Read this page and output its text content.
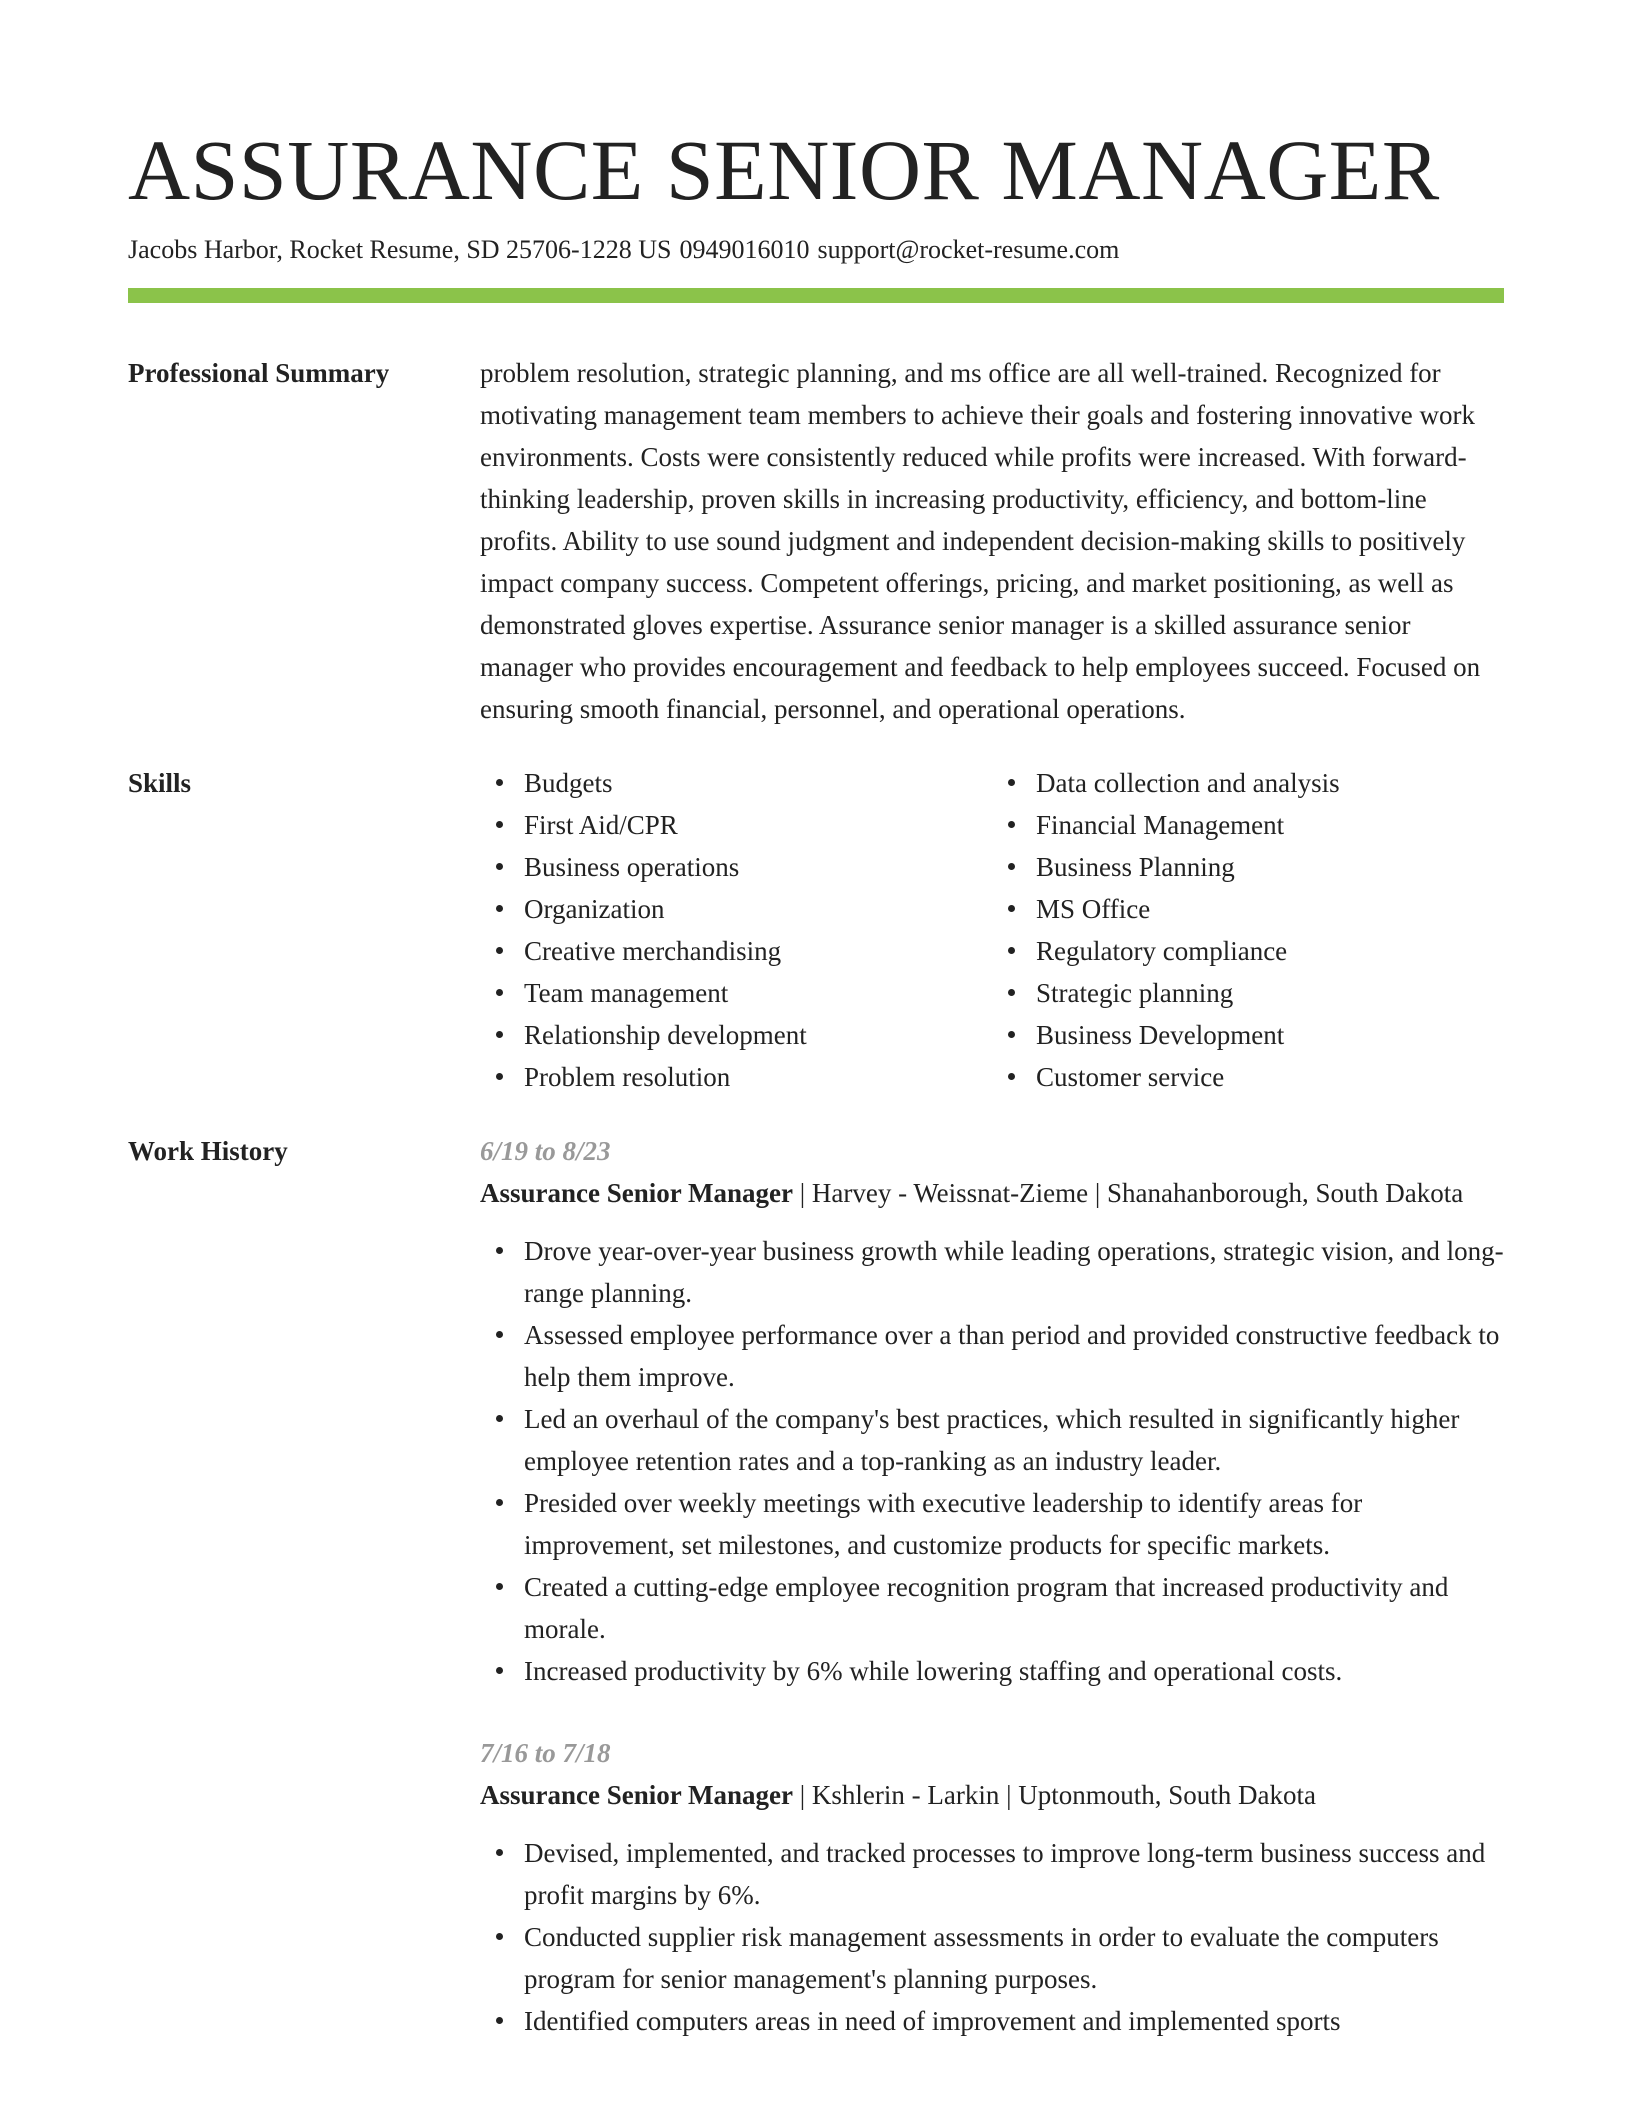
ASSURANCE SENIOR MANAGER
Jacobs Harbor, Rocket Resume, SD 25706-1228 US 0949016010 support@rocket-resume.com
Professional Summary	problem resolution, strategic planning, and ms office are all well-trained. Recognized for motivating management team members to achieve their goals and fostering innovative work environments. Costs were consistently reduced while profits were increased. With forward-thinking leadership, proven skills in increasing productivity, efficiency, and bottom-line profits. Ability to use sound judgment and independent decision-making skills to positively impact company success. Competent offerings, pricing, and market positioning, as well as demonstrated gloves expertise. Assurance senior manager is a skilled assurance senior manager who provides encouragement and feedback to help employees succeed. Focused on ensuring smooth financial, personnel, and operational operations.

Skills	Budgets
First Aid/CPR
Business operations
Organization
Creative merchandising
Team management
Relationship development
Problem resolution
Data collection and analysis
Financial Management
Business Planning
MS Office
Regulatory compliance
Strategic planning
Business Development
Customer service
Work History	6/19 to 8/23
Assurance Senior Manager | Harvey - Weissnat-Zieme | Shanahanborough, South Dakota
Drove year-over-year business growth while leading operations, strategic vision, and long-range planning.
Assessed employee performance over a than period and provided constructive feedback to help them improve.
Led an overhaul of the company's best practices, which resulted in significantly higher employee retention rates and a top-ranking as an industry leader.
Presided over weekly meetings with executive leadership to identify areas for improvement, set milestones, and customize products for specific markets.
Created a cutting-edge employee recognition program that increased productivity and morale.
Increased productivity by 6% while lowering staffing and operational costs.
7/16 to 7/18
Assurance Senior Manager | Kshlerin - Larkin | Uptonmouth, South Dakota
Devised, implemented, and tracked processes to improve long-term business success and profit margins by 6%.
Conducted supplier risk management assessments in order to evaluate the computers program for senior management's planning purposes.
Identified computers areas in need of improvement and implemented sports
